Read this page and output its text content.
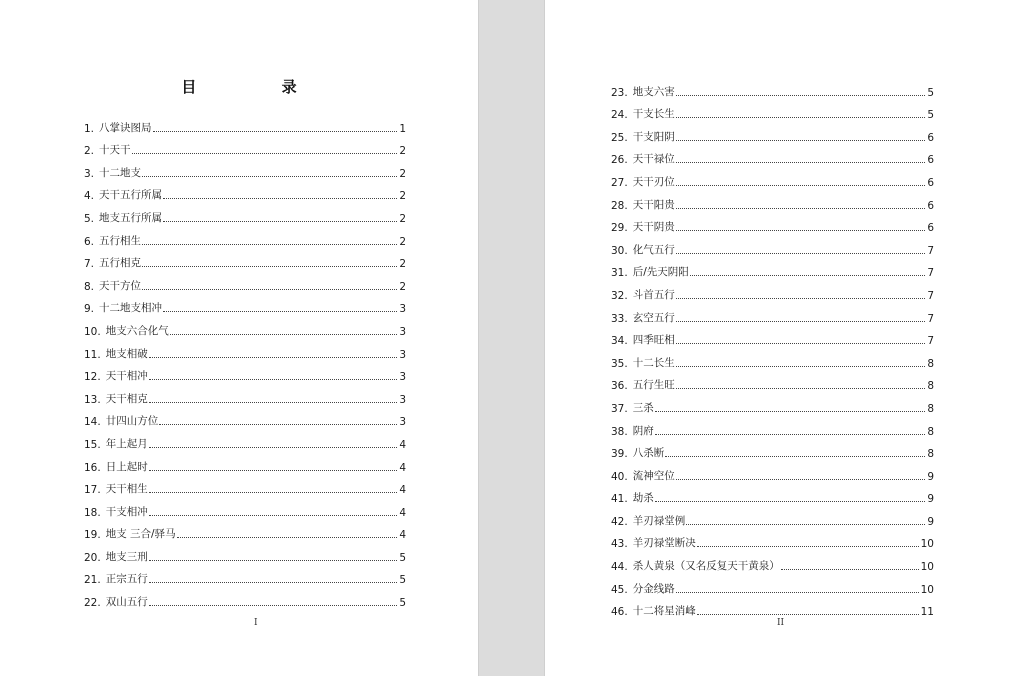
目 录
1. 八掌诀图局	1
2. 十天干	2
3. 十二地支	2
4. 天干五行所属	2
5. 地支五行所属	2
6. 五行相生	2
7. 五行相克	2
8. 天干方位	2
9. 十二地支相冲	3
10. 地支六合化气	3
11. 地支相破	3
12. 天干相冲	3
13. 天干相克	3
14. 廿四山方位	3
15. 年上起月	4
16. 日上起时	4
17. 天干相生	4
18. 干支相冲	4
19. 地支 三合/驿马	4
20. 地支三刑	5
21. 正宗五行	5
22. 双山五行	5
I	II
23. 地支六害	5
24. 干支长生	5
25. 干支阳阴	6
26. 天干禄位	6
27. 天干刃位	6
28. 天干阳贵	6
29. 天干阴贵	6
30. 化气五行	7
31. 后/先天阴阳	7
32. 斗首五行	7
33. 玄空五行	7
34. 四季旺相	7
35. 十二长生	8
36. 五行生旺	8
37. 三杀	8
38. 阴府	8
39. 八杀断	8
40. 流神空位	9
41. 劫杀	9
42. 羊刃禄堂例	9
43. 羊刃禄堂断决	10
44. 杀人黄泉（又名反复天干黄泉）	10
45. 分金线路	10
46. 十二将星消峰	11
